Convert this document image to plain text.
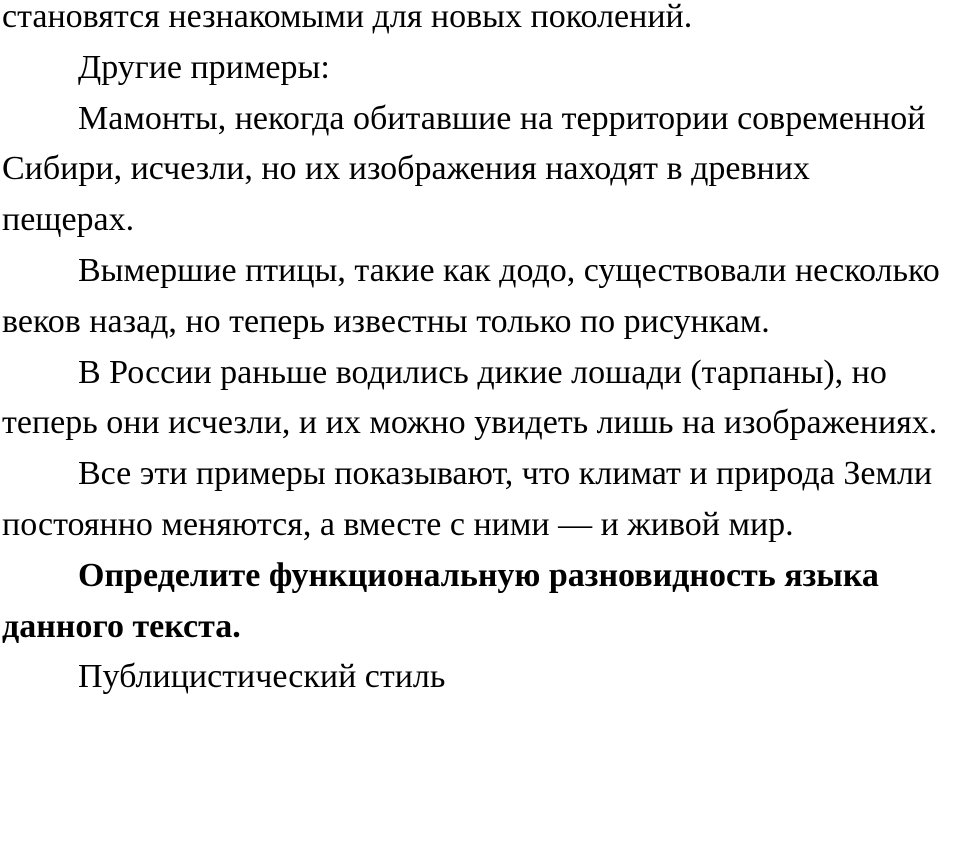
становятся незнакомыми для новых поколений.

Другие примеры:

Мамонты, некогда обитавшие на территории современной Сибири, исчезли, но их изображения находят в древних пещерах.

Вымершие птицы, такие как додо, существовали несколько веков назад, но теперь известны только по рисункам.

В России раньше водились дикие лошади (тарпаны), но теперь они исчезли, и их можно увидеть лишь на изображениях.

Все эти примеры показывают, что климат и природа Земли постоянно меняются, а вместе с ними — и живой мир.

Определите функциональную разновидность языка данного текста.

Публицистический стиль
